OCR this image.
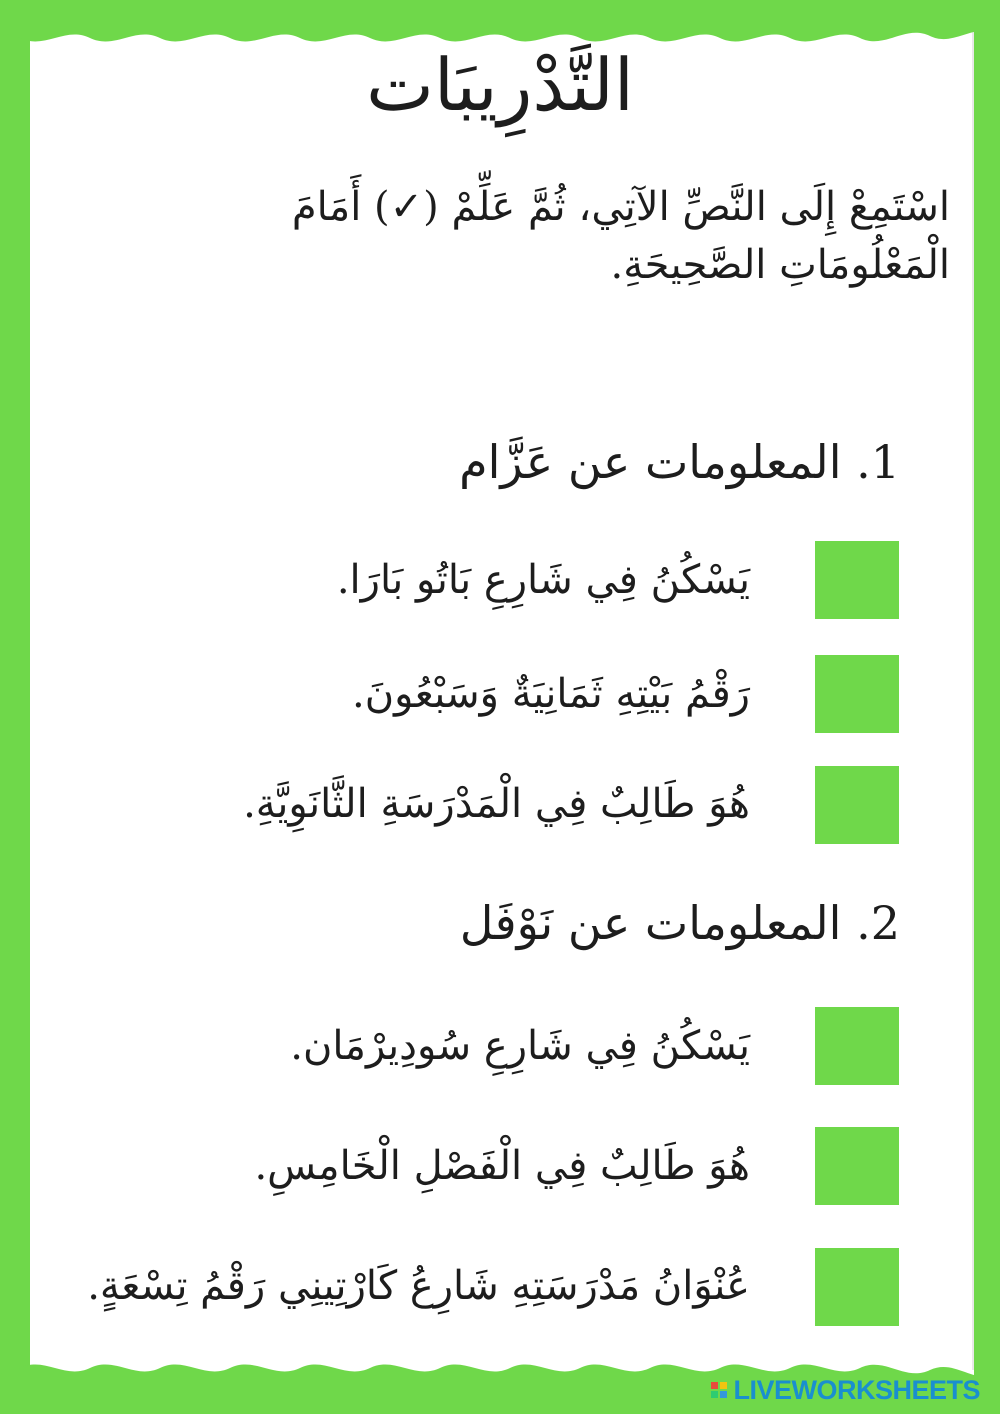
التَّدْرِيبَات
اسْتَمِعْ إِلَى النَّصِّ الآتِي، ثُمَّ عَلِّمْ (✓) أَمَامَ الْمَعْلُومَاتِ الصَّحِيحَةِ.
1. المعلومات عن عَزَّام
يَسْكُنُ فِي شَارِعِ بَاتُو بَارَا.
رَقْمُ بَيْتِهِ ثَمَانِيَةٌ وَسَبْعُونَ.
هُوَ طَالِبٌ فِي الْمَدْرَسَةِ الثَّانَوِيَّةِ.
2. المعلومات عن نَوْفَل
يَسْكُنُ فِي شَارِعِ سُودِيرْمَان.
هُوَ طَالِبٌ فِي الْفَصْلِ الْخَامِسِ.
عُنْوَانُ مَدْرَسَتِهِ شَارِعُ كَارْتِينِي رَقْمُ تِسْعَةٍ.
LIVEWORKSHEETS
